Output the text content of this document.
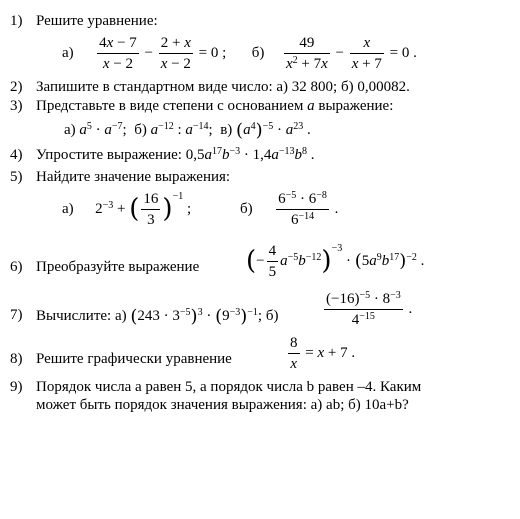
1) Решите уравнение:
$а) \frac{4x - 7}{x - 2} - \frac{2 + x}{x - 2} = 0$ ;  $б) \frac{49}{x^2 + 7x} - \frac{x}{x + 7} = 0$ .
2) Запишите в стандартном виде число: а) 32 800; б) 0,00082.
3) Представьте в виде степени с основанием a выражение:
а) $a^5 \cdot a^{-7}$;  б) $a^{-12}$ : $a^{-14}$;  в) $(a^4)^{-5} \cdot a^{23}$ .
4) Упростите выражение: $0,5a^{17}b^{-3} \cdot 1,4a^{-13}b^8$ .
5) Найдите значение выражения:
а)  $2^{-3}$ + ( $\frac{16}{3} )^{-1}$ ;	$б) \frac{6^{-5} \cdot 6^{-8}}{6^{-14}}$ .
6) Преобразуйте выражение (− $\frac{4}{5} a^{-5}b^{-12})^{-3} \cdot (5a^9b^{17})^{-2}$ .
7) Вычислите: а) $(243 \cdot 3^{-5})^3 \cdot (9^{-3})^{-1}$; б)	$\frac{(-16)^{-5} \cdot 8^{-3}}{4^{-15}}$ .
8) Решите графически уравнение	$\frac{8}{x} = x + 7$ .
9) Порядок числа a равен 5, а порядок числа b равен –4. Каким
может быть порядок значения выражения: а) ab; б) 10a+b?
